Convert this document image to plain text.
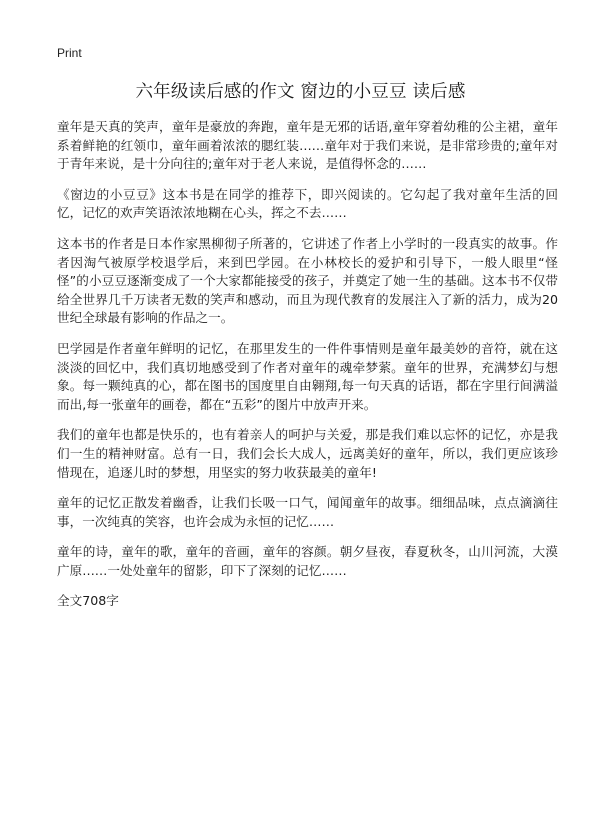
Print
六年级读后感的作文 窗边的小豆豆 读后感

童年是天真的笑声，童年是豪放的奔跑，童年是无邪的话语,童年穿着幼稚的公主裙，童年系着鲜艳的红领巾，童年画着浓浓的腮红装……童年对于我们来说，是非常珍贵的;童年对于青年来说，是十分向往的;童年对于老人来说，是值得怀念的……

《窗边的小豆豆》这本书是在同学的推荐下，即兴阅读的。它勾起了我对童年生活的回忆，记忆的欢声笑语浓浓地糊在心头，挥之不去……

这本书的作者是日本作家黑柳彻子所著的，它讲述了作者上小学时的一段真实的故事。作者因淘气被原学校退学后，来到巴学园。在小林校长的爱护和引导下，一般人眼里“怪怪”的小豆豆逐渐变成了一个大家都能接受的孩子，并奠定了她一生的基础。这本书不仅带给全世界几千万读者无数的笑声和感动，而且为现代教育的发展注入了新的活力，成为20世纪全球最有影响的作品之一。

巴学园是作者童年鲜明的记忆，在那里发生的一件件事情则是童年最美妙的音符，就在这淡淡的回忆中，我们真切地感受到了作者对童年的魂牵梦萦。童年的世界，充满梦幻与想象。每一颗纯真的心，都在图书的国度里自由翱翔,每一句天真的话语，都在字里行间满溢而出,每一张童年的画卷，都在“五彩”的图片中放声开来。

我们的童年也都是快乐的，也有着亲人的呵护与关爱，那是我们难以忘怀的记忆，亦是我们一生的精神财富。总有一日，我们会长大成人，远离美好的童年，所以，我们更应该珍惜现在，追逐儿时的梦想，用坚实的努力收获最美的童年!

童年的记忆正散发着幽香，让我们长吸一口气，闻闻童年的故事。细细品味，点点滴滴往事，一次纯真的笑容，也许会成为永恒的记忆……

童年的诗，童年的歌，童年的音画，童年的容颜。朝夕昼夜，春夏秋冬，山川河流，大漠广原……一处处童年的留影，印下了深刻的记忆……

全文708字
